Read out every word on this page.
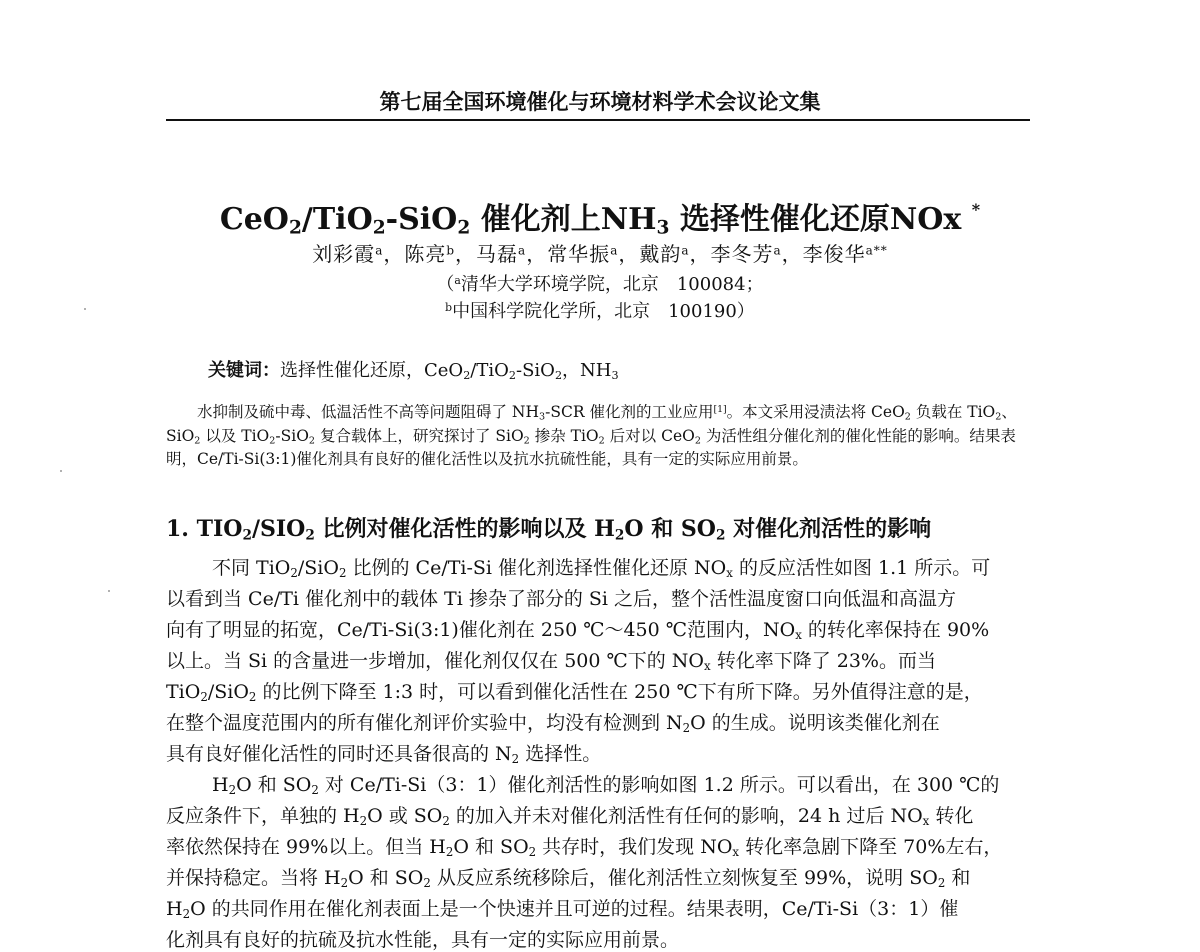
第七届全国环境催化与环境材料学术会议论文集
CeO$_2$/TiO$_2$-SiO$_2$ 催化剂上$NH_3$ 选择性催化还原NOx *
刘彩霞$^a$，陈亮$^b$，马磊$^a$，常华振$^a$，戴韵$^a$，李冬芳$^a$，李俊华$^{a**}$
（$^a$清华大学环境学院，北京　100084；
$^b$中国科学院化学所，北京　100190）
关键词：选择性催化还原，CeO$_2$/TiO$_2$-SiO$_2$，$NH_3$
  水抑制及硫中毒、低温活性不高等问题阻碍了 $NH_3$-SCR 催化剂的工业应用[1]。本文采用浸渍法将 CeO$_2$ 负载在 TiO$_2$、SiO$_2$ 以及 TiO$_2$-SiO$_2$ 复合载体上，研究探讨了 SiO$_2$ 掺杂 TiO$_2$ 后对以 CeO$_2$ 为活性组分催化剂的催化性能的影响。结果表明，Ce/Ti-Si(3:1)催化剂具有良好的催化活性以及抗水抗硫性能，具有一定的实际应用前景。
1. $TIO_2/SIO_2$ 比例对催化活性的影响以及 $H_2O$ 和 $SO_2$ 对催化剂活性的影响
不同 TiO$_2$/SiO$_2$ 比例的 Ce/Ti-Si 催化剂选择性催化还原 $NO_x$ 的反应活性如图 1.1 所示。可
以看到当 Ce/Ti 催化剂中的载体 Ti 掺杂了部分的 Si 之后，整个活性温度窗口向低温和高温方
向有了明显的拓宽，Ce/Ti-Si(3:1)催化剂在 250 ℃～450 ℃范围内，$NO_x$ 的转化率保持在 90%
以上。当 Si 的含量进一步增加，催化剂仅仅在 500 ℃下的 $NO_x$ 转化率下降了 23%。而当
TiO$_2$/SiO$_2$ 的比例下降至 1:3 时，可以看到催化活性在 250 ℃下有所下降。另外值得注意的是，
在整个温度范围内的所有催化剂评价实验中，均没有检测到 $N_2O$ 的生成。说明该类催化剂在
具有良好催化活性的同时还具备很高的 $N_2$ 选择性。
$H_2O$ 和 $SO_2$ 对 Ce/Ti-Si（3：1）催化剂活性的影响如图 1.2 所示。可以看出，在 300 ℃的
反应条件下，单独的 $H_2O$ 或 $SO_2$ 的加入并未对催化剂活性有任何的影响，24 h 过后 $NO_x$ 转化
率依然保持在 99%以上。但当 $H_2O$ 和 $SO_2$ 共存时，我们发现 $NO_x$ 转化率急剧下降至 70%左右，
并保持稳定。当将 $H_2O$ 和 $SO_2$ 从反应系统移除后，催化剂活性立刻恢复至 99%，说明 $SO_2$ 和
$H_2O$ 的共同作用在催化剂表面上是一个快速并且可逆的过程。结果表明，Ce/Ti-Si（3：1）催
化剂具有良好的抗硫及抗水性能，具有一定的实际应用前景。
